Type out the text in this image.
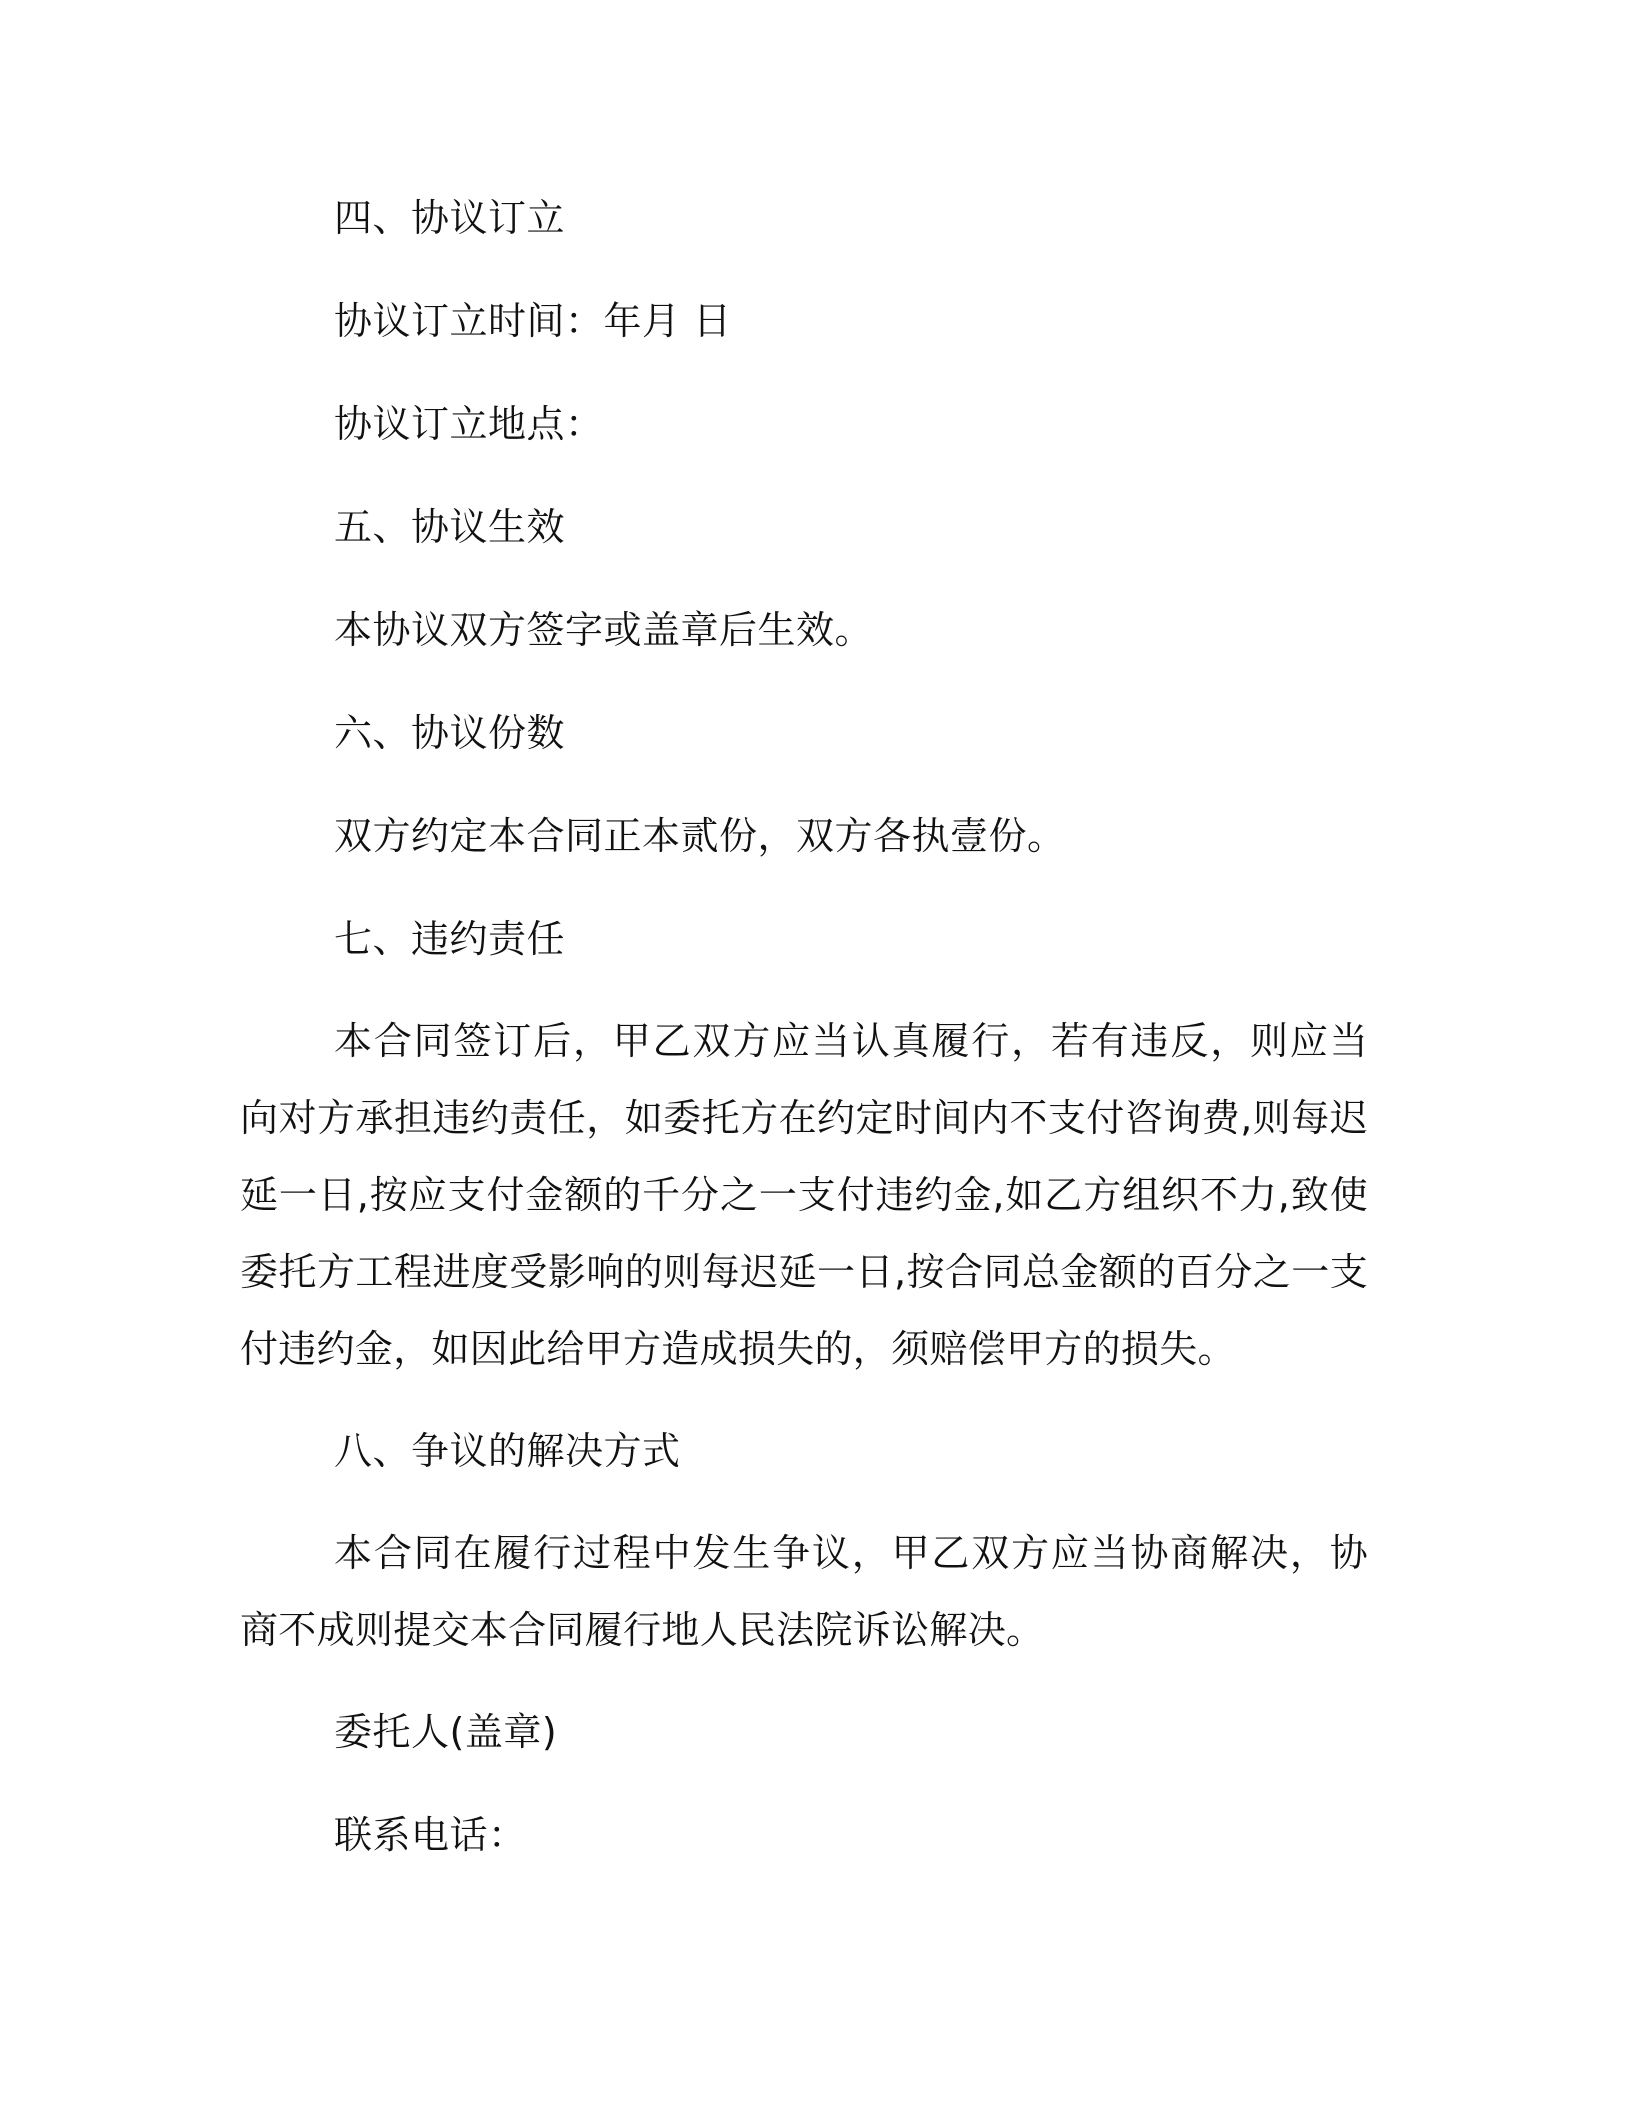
四、协议订立
协议订立时间：年月 日
协议订立地点：
五、协议生效
本协议双方签字或盖章后生效。
六、协议份数
双方约定本合同正本贰份，双方各执壹份。
七、违约责任
本合同签订后，甲乙双方应当认真履行，若有违反，则应当向对方承担违约责任，如委托方在约定时间内不支付咨询费,则每迟延一日,按应支付金额的千分之一支付违约金,如乙方组织不力,致使委托方工程进度受影响的则每迟延一日,按合同总金额的百分之一支付违约金，如因此给甲方造成损失的，须赔偿甲方的损失。
八、争议的解决方式
本合同在履行过程中发生争议，甲乙双方应当协商解决，协商不成则提交本合同履行地人民法院诉讼解决。
委托人(盖章)
联系电话：
